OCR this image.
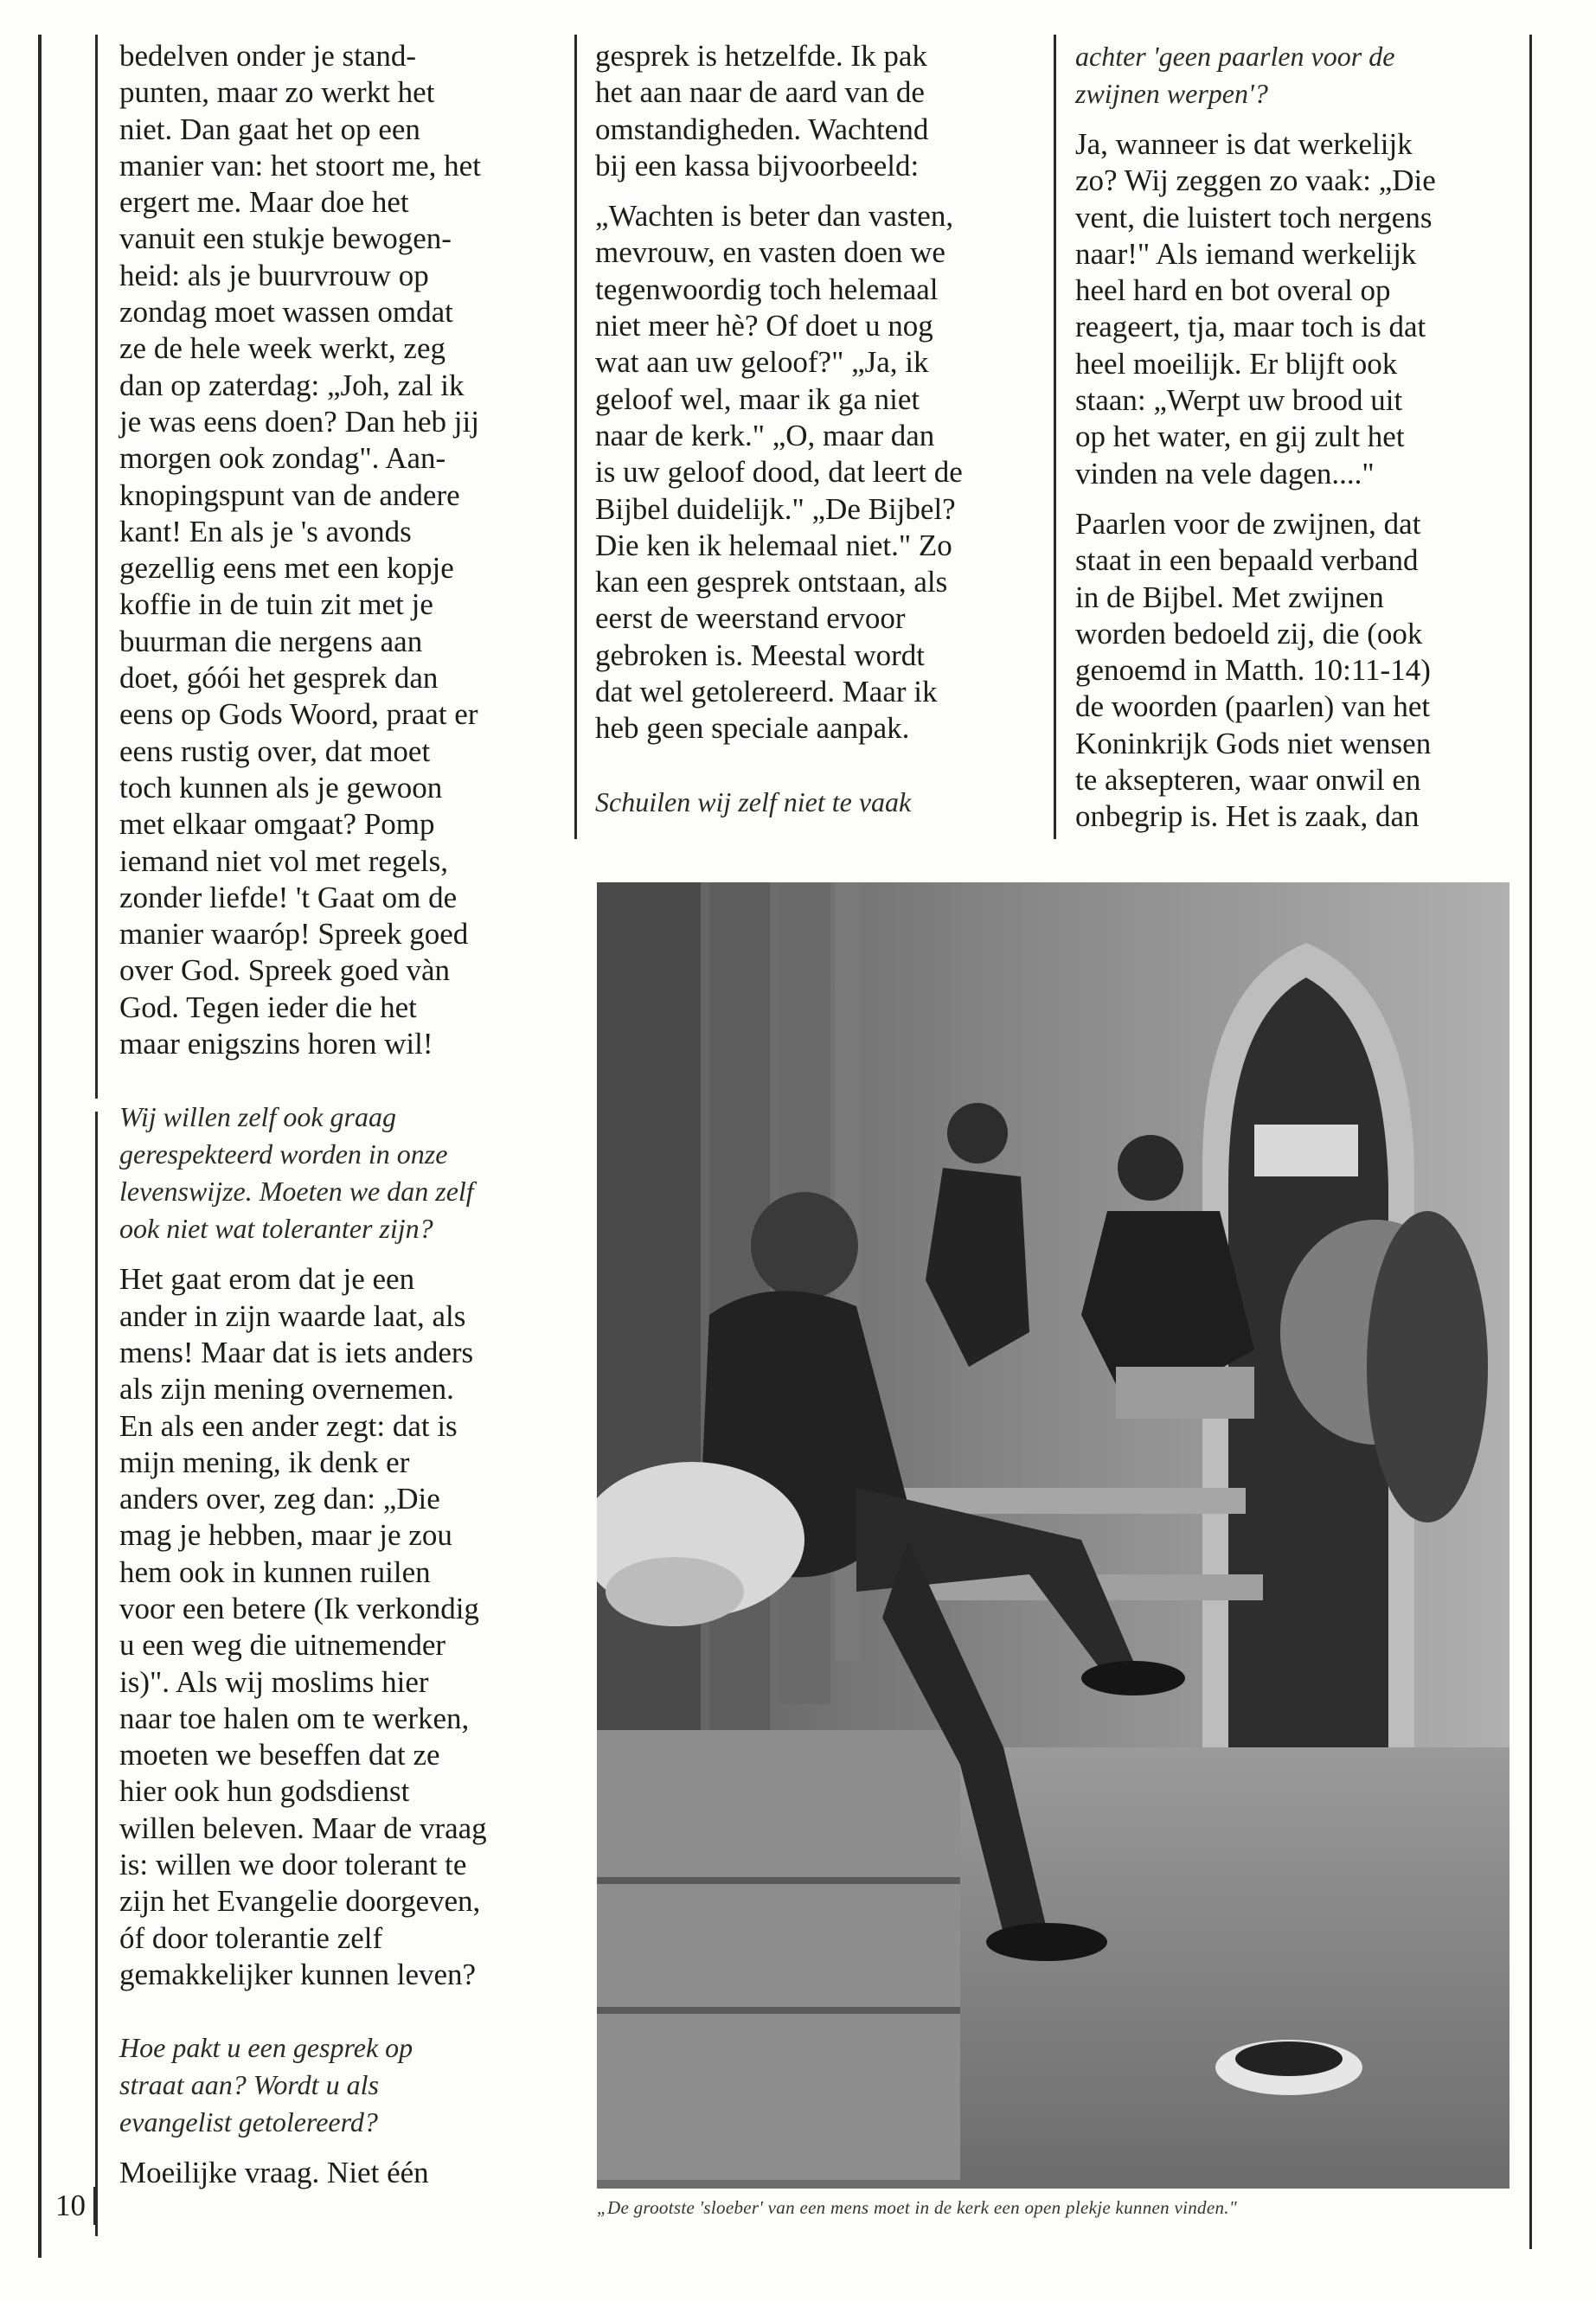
bedelven onder je stand-

punten, maar zo werkt het

niet. Dan gaat het op een

manier van: het stoort me, het

ergert me. Maar doe het

vanuit een stukje bewogen-

heid: als je buurvrouw op

zondag moet wassen omdat

ze de hele week werkt, zeg

dan op zaterdag: „Joh, zal ik

je was eens doen? Dan heb jij

morgen ook zondag". Aan-

knopingspunt van de andere

kant! En als je 's avonds

gezellig eens met een kopje

koffie in de tuin zit met je

buurman die nergens aan

doet, góói het gesprek dan

eens op Gods Woord, praat er

eens rustig over, dat moet

toch kunnen als je gewoon

met elkaar omgaat? Pomp

iemand niet vol met regels,

zonder liefde! 't Gaat om de

manier waaróp! Spreek goed

over God. Spreek goed vàn

God. Tegen ieder die het

maar enigszins horen wil!

Wij willen zelf ook graag

gerespekteerd worden in onze

levenswijze. Moeten we dan zelf

ook niet wat toleranter zijn?

Het gaat erom dat je een

ander in zijn waarde laat, als

mens! Maar dat is iets anders

als zijn mening overnemen.

En als een ander zegt: dat is

mijn mening, ik denk er

anders over, zeg dan: „Die

mag je hebben, maar je zou

hem ook in kunnen ruilen

voor een betere (Ik verkondig

u een weg die uitnemender

is)". Als wij moslims hier

naar toe halen om te werken,

moeten we beseffen dat ze

hier ook hun godsdienst

willen beleven. Maar de vraag

is: willen we door tolerant te

zijn het Evangelie doorgeven,

óf door tolerantie zelf

gemakkelijker kunnen leven?

Hoe pakt u een gesprek op

straat aan? Wordt u als

evangelist getolereerd?

Moeilijke vraag. Niet één

gesprek is hetzelfde. Ik pak

het aan naar de aard van de

omstandigheden. Wachtend

bij een kassa bijvoorbeeld:

„Wachten is beter dan vasten,

mevrouw, en vasten doen we

tegenwoordig toch helemaal

niet meer hè? Of doet u nog

wat aan uw geloof?" „Ja, ik

geloof wel, maar ik ga niet

naar de kerk." „O, maar dan

is uw geloof dood, dat leert de

Bijbel duidelijk." „De Bijbel?

Die ken ik helemaal niet." Zo

kan een gesprek ontstaan, als

eerst de weerstand ervoor

gebroken is. Meestal wordt

dat wel getolereerd. Maar ik

heb geen speciale aanpak.

Schuilen wij zelf niet te vaak

achter 'geen paarlen voor de

zwijnen werpen'?

Ja, wanneer is dat werkelijk

zo? Wij zeggen zo vaak: „Die

vent, die luistert toch nergens

naar!" Als iemand werkelijk

heel hard en bot overal op

reageert, tja, maar toch is dat

heel moeilijk. Er blijft ook

staan: „Werpt uw brood uit

op het water, en gij zult het

vinden na vele dagen...."

Paarlen voor de zwijnen, dat

staat in een bepaald verband

in de Bijbel. Met zwijnen

worden bedoeld zij, die (ook

genoemd in Matth. 10:11-14)

de woorden (paarlen) van het

Koninkrijk Gods niet wensen

te aksepteren, waar onwil en

onbegrip is. Het is zaak, dan

„De grootste 'sloeber' van een mens moet in de kerk een open plekje kunnen vinden."
10
